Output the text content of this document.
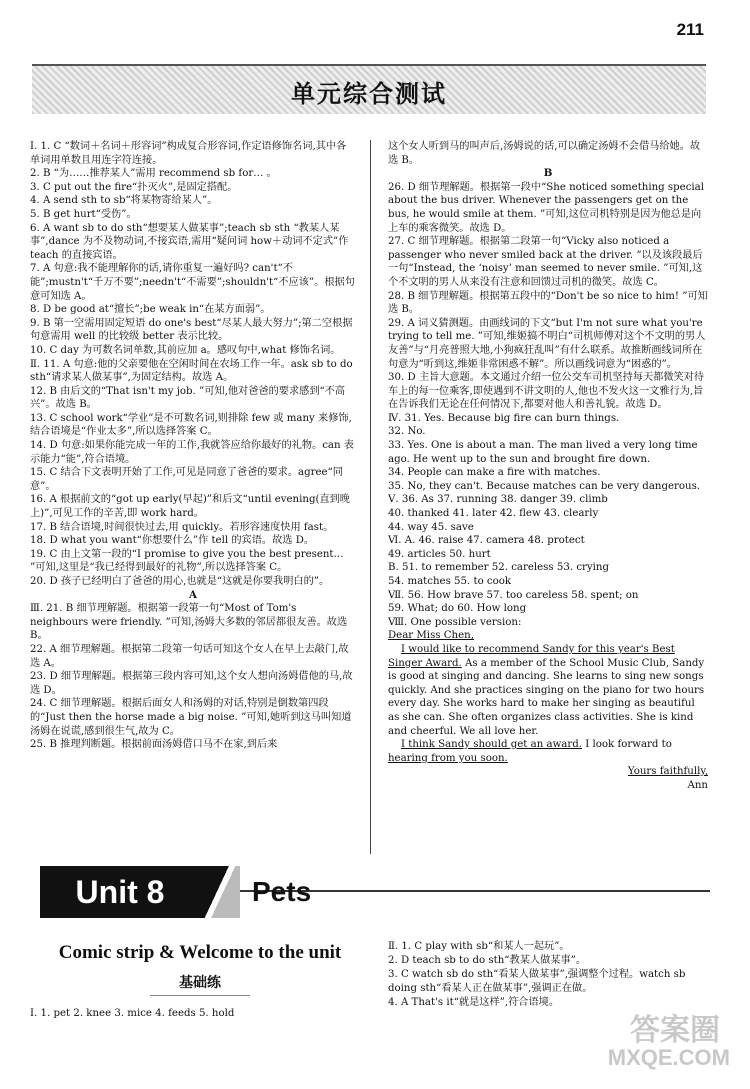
211
单元综合测试

Ⅰ. 1. C “数词＋名词＋形容词”构成复合形容词,作定语修饰名词,其中各单词用单数且用连字符连接。

2. B “为……推荐某人”需用 recommend sb for… 。

3. C put out the fire“扑灭火”,是固定搭配。

4. A send sth to sb“将某物寄给某人”。

5. B get hurt“受伤”。

6. A want sb to do sth“想要某人做某事”;teach sb sth “教某人某事”,dance 为不及物动词,不接宾语,需用“疑问词 how＋动词不定式”作 teach 的直接宾语。

7. A 句意:我不能理解你的话,请你重复一遍好吗? can't“不能”;mustn't“千万不要”;needn't“不需要”;shouldn't“不应该”。根据句意可知选 A。

8. D be good at“擅长”;be weak in“在某方面弱”。

9. B 第一空需用固定短语 do one's best“尽某人最大努力”;第二空根据句意需用 well 的比较级 better 表示比较。

10. C day 为可数名词单数,其前应加 a。感叹句中,what 修饰名词。

Ⅱ. 11. A 句意:他的父亲要他在空闲时间在农场工作一年。ask sb to do sth“请求某人做某事”,为固定结构。故选 A。

12. B 由后文的“That isn't my job. ”可知,他对爸爸的要求感到“不高兴”。故选 B。

13. C school work“学业”是不可数名词,则排除 few 或 many 来修饰,结合语境是“作业太多”,所以选择答案 C。

14. D 句意:如果你能完成一年的工作,我就答应给你最好的礼物。can 表示能力“能”,符合语境。

15. C 结合下文表明开始了工作,可见是同意了爸爸的要求。agree“同意”。

16. A 根据前文的“got up early(早起)”和后文“until evening(直到晚上)”,可见工作的辛苦,即 work hard。

17. B 结合语境,时间很快过去,用 quickly。若形容速度快用 fast。

18. D what you want“你想要什么”作 tell 的宾语。故选 D。

19. C 由上文第一段的“I promise to give you the best present… ”可知,这里是“我已经得到最好的礼物”,所以选择答案 C。

20. D 孩子已经明白了爸爸的用心,也就是“这就是你要我明白的”。

A

Ⅲ. 21. B 细节理解题。根据第一段第一句“Most of Tom's neighbours were friendly. ”可知,汤姆大多数的邻居都很友善。故选 B。

22. A 细节理解题。根据第二段第一句话可知这个女人在早上去敲门,故选 A。

23. D 细节理解题。根据第三段内容可知,这个女人想向汤姆借他的马,故选 D。

24. C 细节理解题。根据后面女人和汤姆的对话,特别是倒数第四段的“Just then the horse made a big noise. ”可知,她听到这马叫知道汤姆在说谎,感到很生气,故为 C。

25. B 推理判断题。根据前面汤姆借口马不在家,到后来

这个女人听到马的叫声后,汤姆说的话,可以确定汤姆不会借马给她。故选 B。

B

26. D 细节理解题。根据第一段中“She noticed something special about the bus driver. Whenever the passengers get on the bus, he would smile at them. ”可知,这位司机特别是因为他总是向上车的乘客微笑。故选 D。

27. C 细节理解题。根据第二段第一句“Vicky also noticed a passenger who never smiled back at the driver. ”以及该段最后一句“Instead, the ‘noisy’ man seemed to never smile. ”可知,这个不文明的男人从来没有注意和回馈过司机的微笑。故选 C。

28. B 细节理解题。根据第五段中的“Don't be so nice to him! ”可知选 B。

29. A 词义猜测题。由画线词的下文“but I'm not sure what you're trying to tell me. ”可知,维姬搞不明白“司机师傅对这个不文明的男人友善”与“月亮普照大地,小狗疯狂乱叫”有什么联系。故推断画线词所在句意为“听到这,维姬非常困惑不解”。所以画线词意为“困惑的”。

30. D 主旨大意题。本文通过介绍一位公交车司机坚持每天都微笑对待车上的每一位乘客,即使遇到不讲文明的人,他也不发火这一文雅行为,旨在告诉我们无论在任何情况下,都要对他人和善礼貌。故选 D。

Ⅳ. 31. Yes. Because big fire can burn things.

32. No.

33. Yes. One is about a man. The man lived a very long time ago. He went up to the sun and brought fire down.

34. People can make a fire with matches.

35. No, they can't. Because matches can be very dangerous.

Ⅴ. 36. As 37. running 38. danger 39. climb

40. thanked 41. later 42. flew 43. clearly

44. way 45. save

Ⅵ. A. 46. raise 47. camera 48. protect

49. articles 50. hurt

B. 51. to remember 52. careless 53. crying

54. matches 55. to cook

Ⅶ. 56. How brave 57. too careless 58. spent; on

59. What; do 60. How long

Ⅷ. One possible version:

Dear Miss Chen,

I would like to recommend Sandy for this year's Best Singer Award. As a member of the School Music Club, Sandy is good at singing and dancing. She learns to sing new songs quickly. And she practices singing on the piano for two hours every day. She works hard to make her singing as beautiful as she can. She often organizes class activities. She is kind and cheerful. We all love her.

I think Sandy should get an award. I look forward to hearing from you soon.

Yours faithfully,

Ann

Unit 8	Pets
Comic strip & Welcome to the unit
基础练
Ⅰ. 1. pet 2. knee 3. mice 4. feeds 5. hold
Ⅱ. 1. C play with sb“和某人一起玩”。
2. D teach sb to do sth“教某人做某事”。
3. C watch sb do sth“看某人做某事”,强调整个过程。watch sb doing sth“看某人正在做某事”,强调正在做。
4. A That's it“就是这样”,符合语境。
答案圈
MXQE.COM
